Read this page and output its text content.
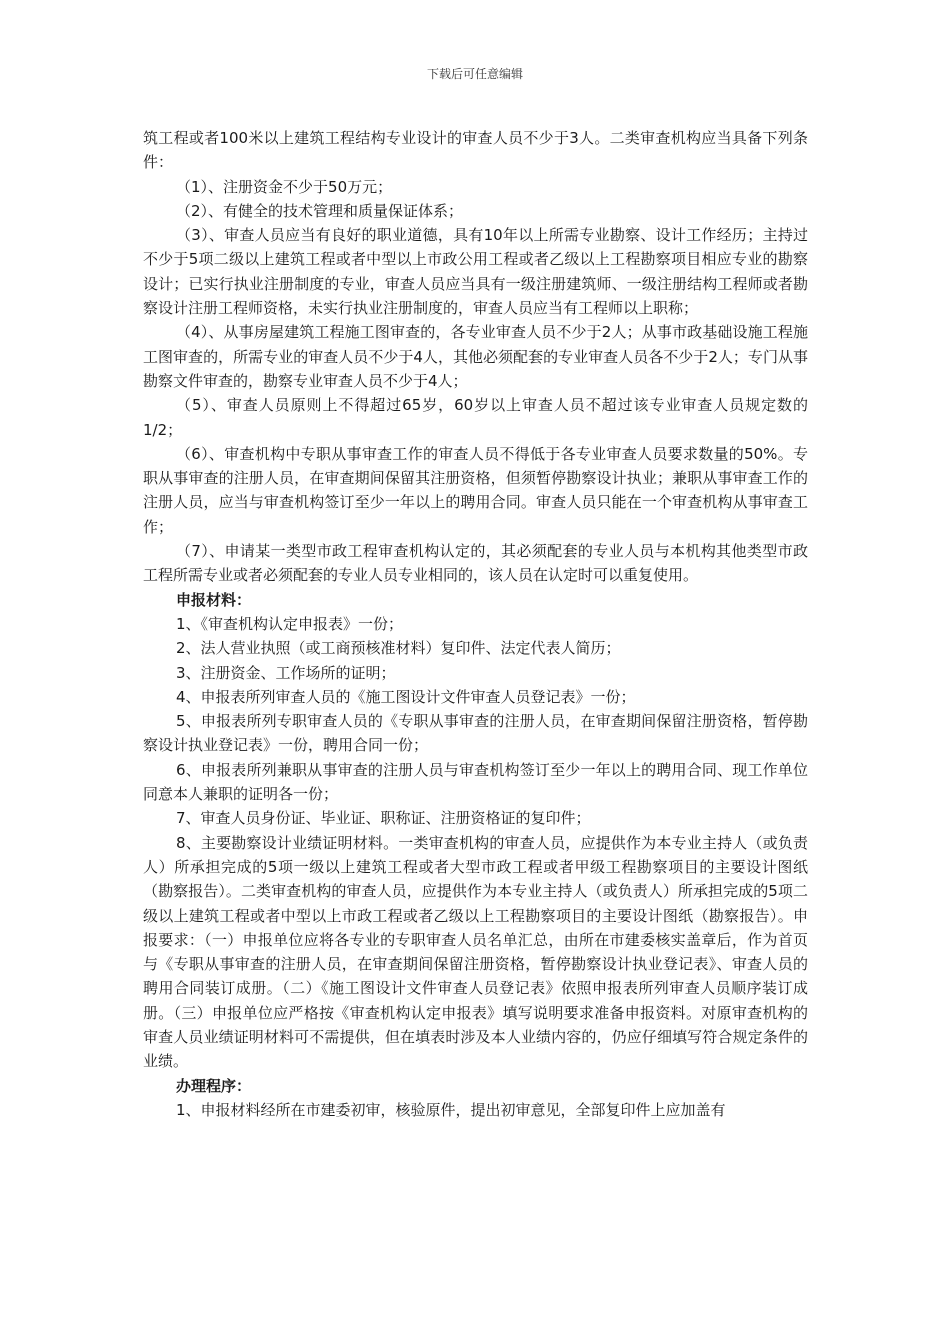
下载后可任意编辑

筑工程或者100米以上建筑工程结构专业设计的审查人员不少于3人。二类审查机构应当具备下列条件：

（1）、注册资金不少于50万元；

（2）、有健全的技术管理和质量保证体系；

（3）、审查人员应当有良好的职业道德，具有10年以上所需专业勘察、设计工作经历；主持过不少于5项二级以上建筑工程或者中型以上市政公用工程或者乙级以上工程勘察项目相应专业的勘察设计；已实行执业注册制度的专业，审查人员应当具有一级注册建筑师、一级注册结构工程师或者勘察设计注册工程师资格，未实行执业注册制度的，审查人员应当有工程师以上职称；

（4）、从事房屋建筑工程施工图审查的，各专业审查人员不少于2人；从事市政基础设施工程施工图审查的，所需专业的审查人员不少于4人，其他必须配套的专业审查人员各不少于2人；专门从事勘察文件审查的，勘察专业审查人员不少于4人；

（5）、审查人员原则上不得超过65岁，60岁以上审查人员不超过该专业审查人员规定数的1/2；

（6）、审查机构中专职从事审查工作的审查人员不得低于各专业审查人员要求数量的50%。专职从事审查的注册人员，在审查期间保留其注册资格，但须暂停勘察设计执业；兼职从事审查工作的注册人员，应当与审查机构签订至少一年以上的聘用合同。审查人员只能在一个审查机构从事审查工作；

（7）、申请某一类型市政工程审查机构认定的，其必须配套的专业人员与本机构其他类型市政工程所需专业或者必须配套的专业人员专业相同的，该人员在认定时可以重复使用。

申报材料：

1、《审查机构认定申报表》一份；

2、法人营业执照（或工商预核准材料）复印件、法定代表人简历；

3、注册资金、工作场所的证明；

4、申报表所列审查人员的《施工图设计文件审查人员登记表》一份；

5、申报表所列专职审查人员的《专职从事审查的注册人员，在审查期间保留注册资格，暂停勘察设计执业登记表》一份，聘用合同一份；

6、申报表所列兼职从事审查的注册人员与审查机构签订至少一年以上的聘用合同、现工作单位同意本人兼职的证明各一份；

7、审查人员身份证、毕业证、职称证、注册资格证的复印件；

8、主要勘察设计业绩证明材料。一类审查机构的审查人员，应提供作为本专业主持人（或负责人）所承担完成的5项一级以上建筑工程或者大型市政工程或者甲级工程勘察项目的主要设计图纸（勘察报告）。二类审查机构的审查人员，应提供作为本专业主持人（或负责人）所承担完成的5项二级以上建筑工程或者中型以上市政工程或者乙级以上工程勘察项目的主要设计图纸（勘察报告）。申报要求：（一）申报单位应将各专业的专职审查人员名单汇总，由所在市建委核实盖章后，作为首页与《专职从事审查的注册人员，在审查期间保留注册资格，暂停勘察设计执业登记表》、审查人员的聘用合同装订成册。（二）《施工图设计文件审查人员登记表》依照申报表所列审查人员顺序装订成册。（三）申报单位应严格按《审查机构认定申报表》填写说明要求准备申报资料。对原审查机构的审查人员业绩证明材料可不需提供，但在填表时涉及本人业绩内容的，仍应仔细填写符合规定条件的业绩。

办理程序：

1、申报材料经所在市建委初审，核验原件，提出初审意见，全部复印件上应加盖有
